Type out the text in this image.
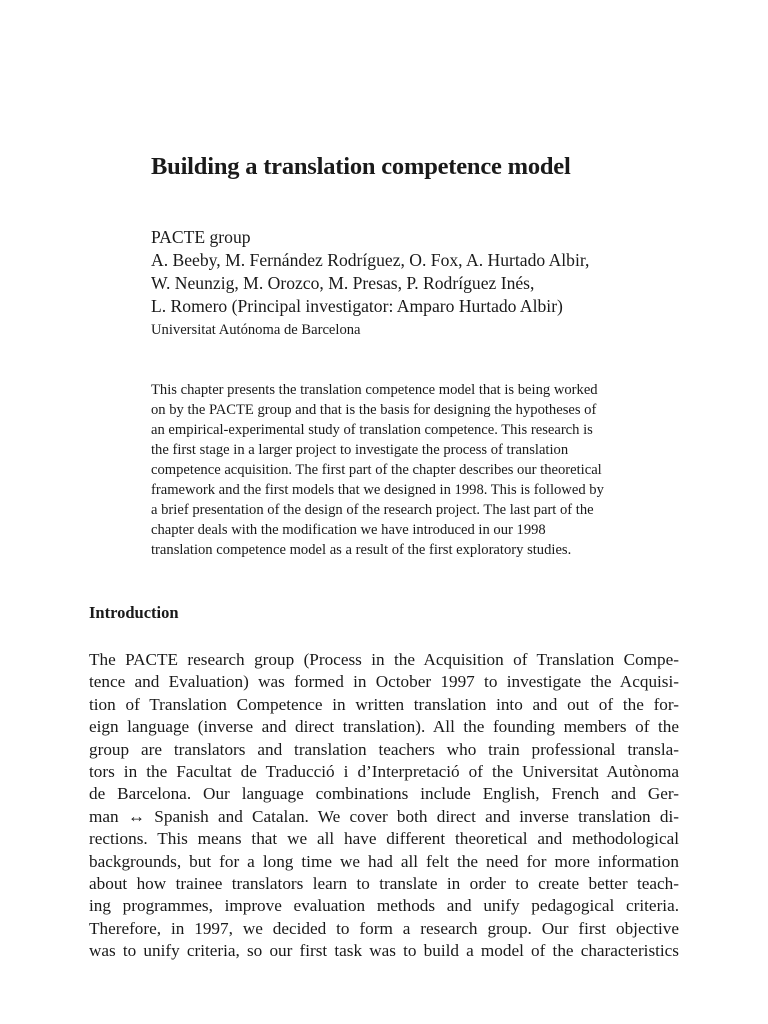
Building a translation competence model
PACTE group
A. Beeby, M. Fernández Rodríguez, O. Fox, A. Hurtado Albir,
W. Neunzig, M. Orozco, M. Presas, P. Rodríguez Inés,
L. Romero (Principal investigator: Amparo Hurtado Albir)
Universitat Autónoma de Barcelona
This chapter presents the translation competence model that is being worked
on by the PACTE group and that is the basis for designing the hypotheses of
an empirical-experimental study of translation competence. This research is
the first stage in a larger project to investigate the process of translation
competence acquisition. The first part of the chapter describes our theoretical
framework and the first models that we designed in 1998. This is followed by
a brief presentation of the design of the research project. The last part of the
chapter deals with the modification we have introduced in our 1998
translation competence model as a result of the first exploratory studies.
Introduction
The PACTE research group (Process in the Acquisition of Translation Compe-
tence and Evaluation) was formed in October 1997 to investigate the Acquisi-
tion of Translation Competence in written translation into and out of the for-
eign language (inverse and direct translation). All the founding members of the
group are translators and translation teachers who train professional transla-
tors in the Facultat de Traducció i d’Interpretació of the Universitat Autònoma
de Barcelona. Our language combinations include English, French and Ger-
man ↔ Spanish and Catalan. We cover both direct and inverse translation di-
rections. This means that we all have different theoretical and methodological
backgrounds, but for a long time we had all felt the need for more information
about how trainee translators learn to translate in order to create better teach-
ing programmes, improve evaluation methods and unify pedagogical criteria.
Therefore, in 1997, we decided to form a research group. Our first objective
was to unify criteria, so our first task was to build a model of the characteristics
